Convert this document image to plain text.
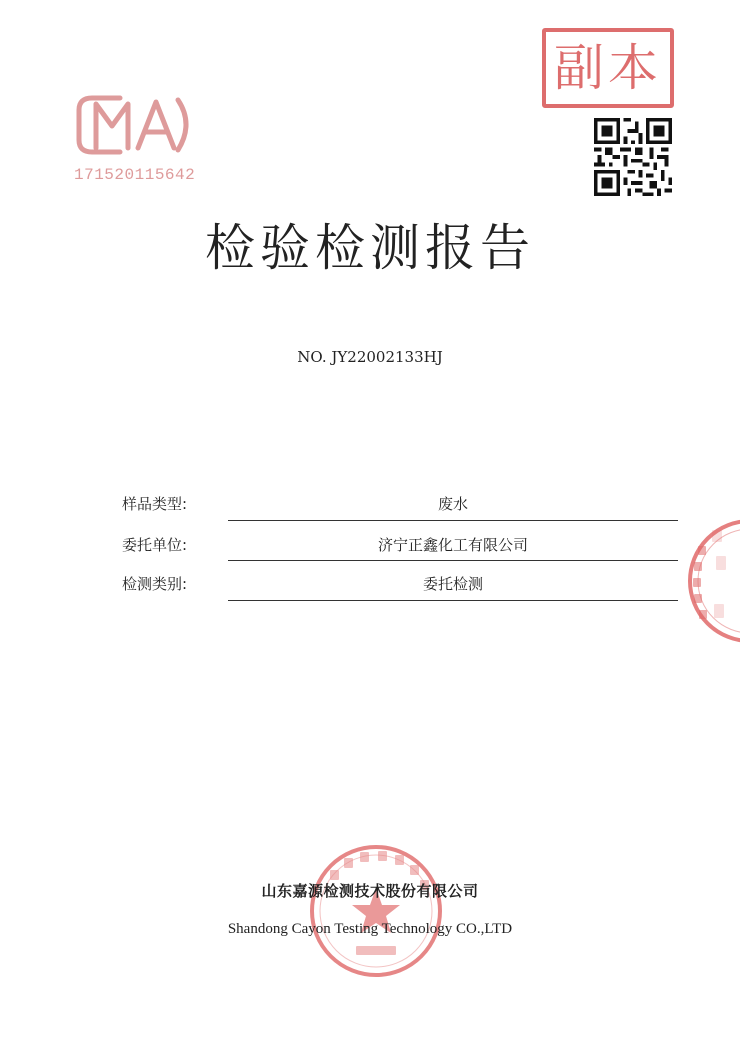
171520115642
副本
检验检测报告
NO. JY22002133HJ
样品类型:	废水
委托单位:	济宁正鑫化工有限公司
检测类别:	委托检测
山东嘉源检测技术股份有限公司
Shandong Cayon Testing Technology CO.,LTD
